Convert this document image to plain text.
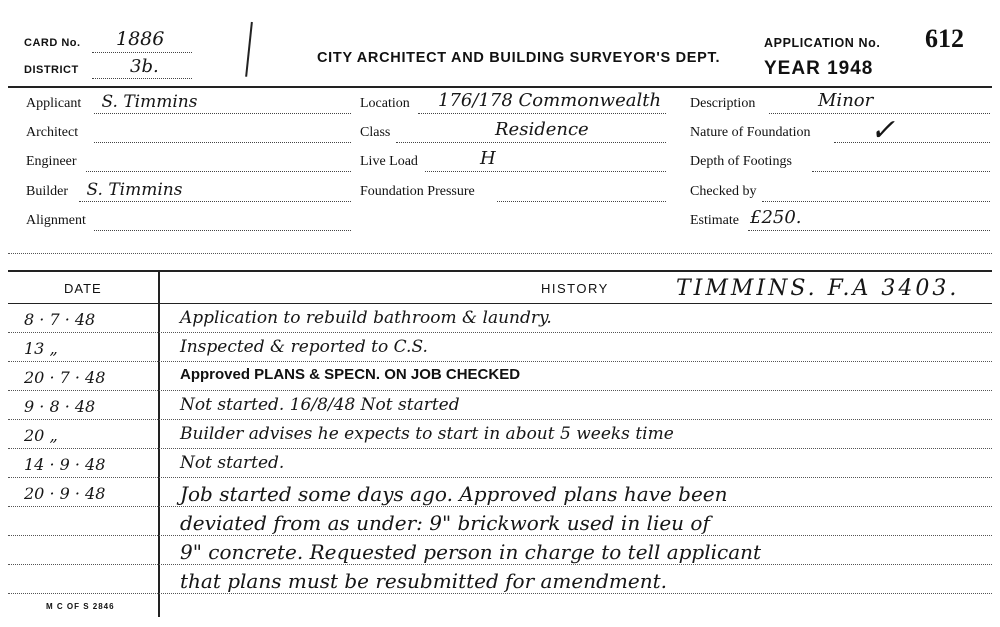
CARD No. 1886
DISTRICT	3b.	CITY ARCHITECT AND BUILDING SURVEYOR'S DEPT.
APPLICATION No. 612
YEAR 1948
Applicant S. Timmins
Architect
Engineer
Builder S. Timmins
Alignment
Location 176/178 Commonwealth
Class	Residence
Live Load	H
Foundation Pressure
Description	Minor
Nature of Foundation ✓
Depth of Footings
Checked by
Estimate £250.
DATE	HISTORY	TIMMINS. F.A 3403.
8 · 7 · 48	Application to rebuild bathroom & laundry.
13 „	Inspected & reported to C.S.
20 · 7 · 48	Approved PLANS & SPECN. ON JOB CHECKED
9 · 8 · 48	Not started. 16/8/48 Not started
20 „	Builder advises he expects to start in about 5 weeks time
14 · 9 · 48	Not started.
20 · 9 · 48	Job started some days ago. Approved plans have been
deviated from as under: 9" brickwork used in lieu of
9" concrete. Requested person in charge to tell applicant
that plans must be resubmitted for amendment.
M C OF S 2846
